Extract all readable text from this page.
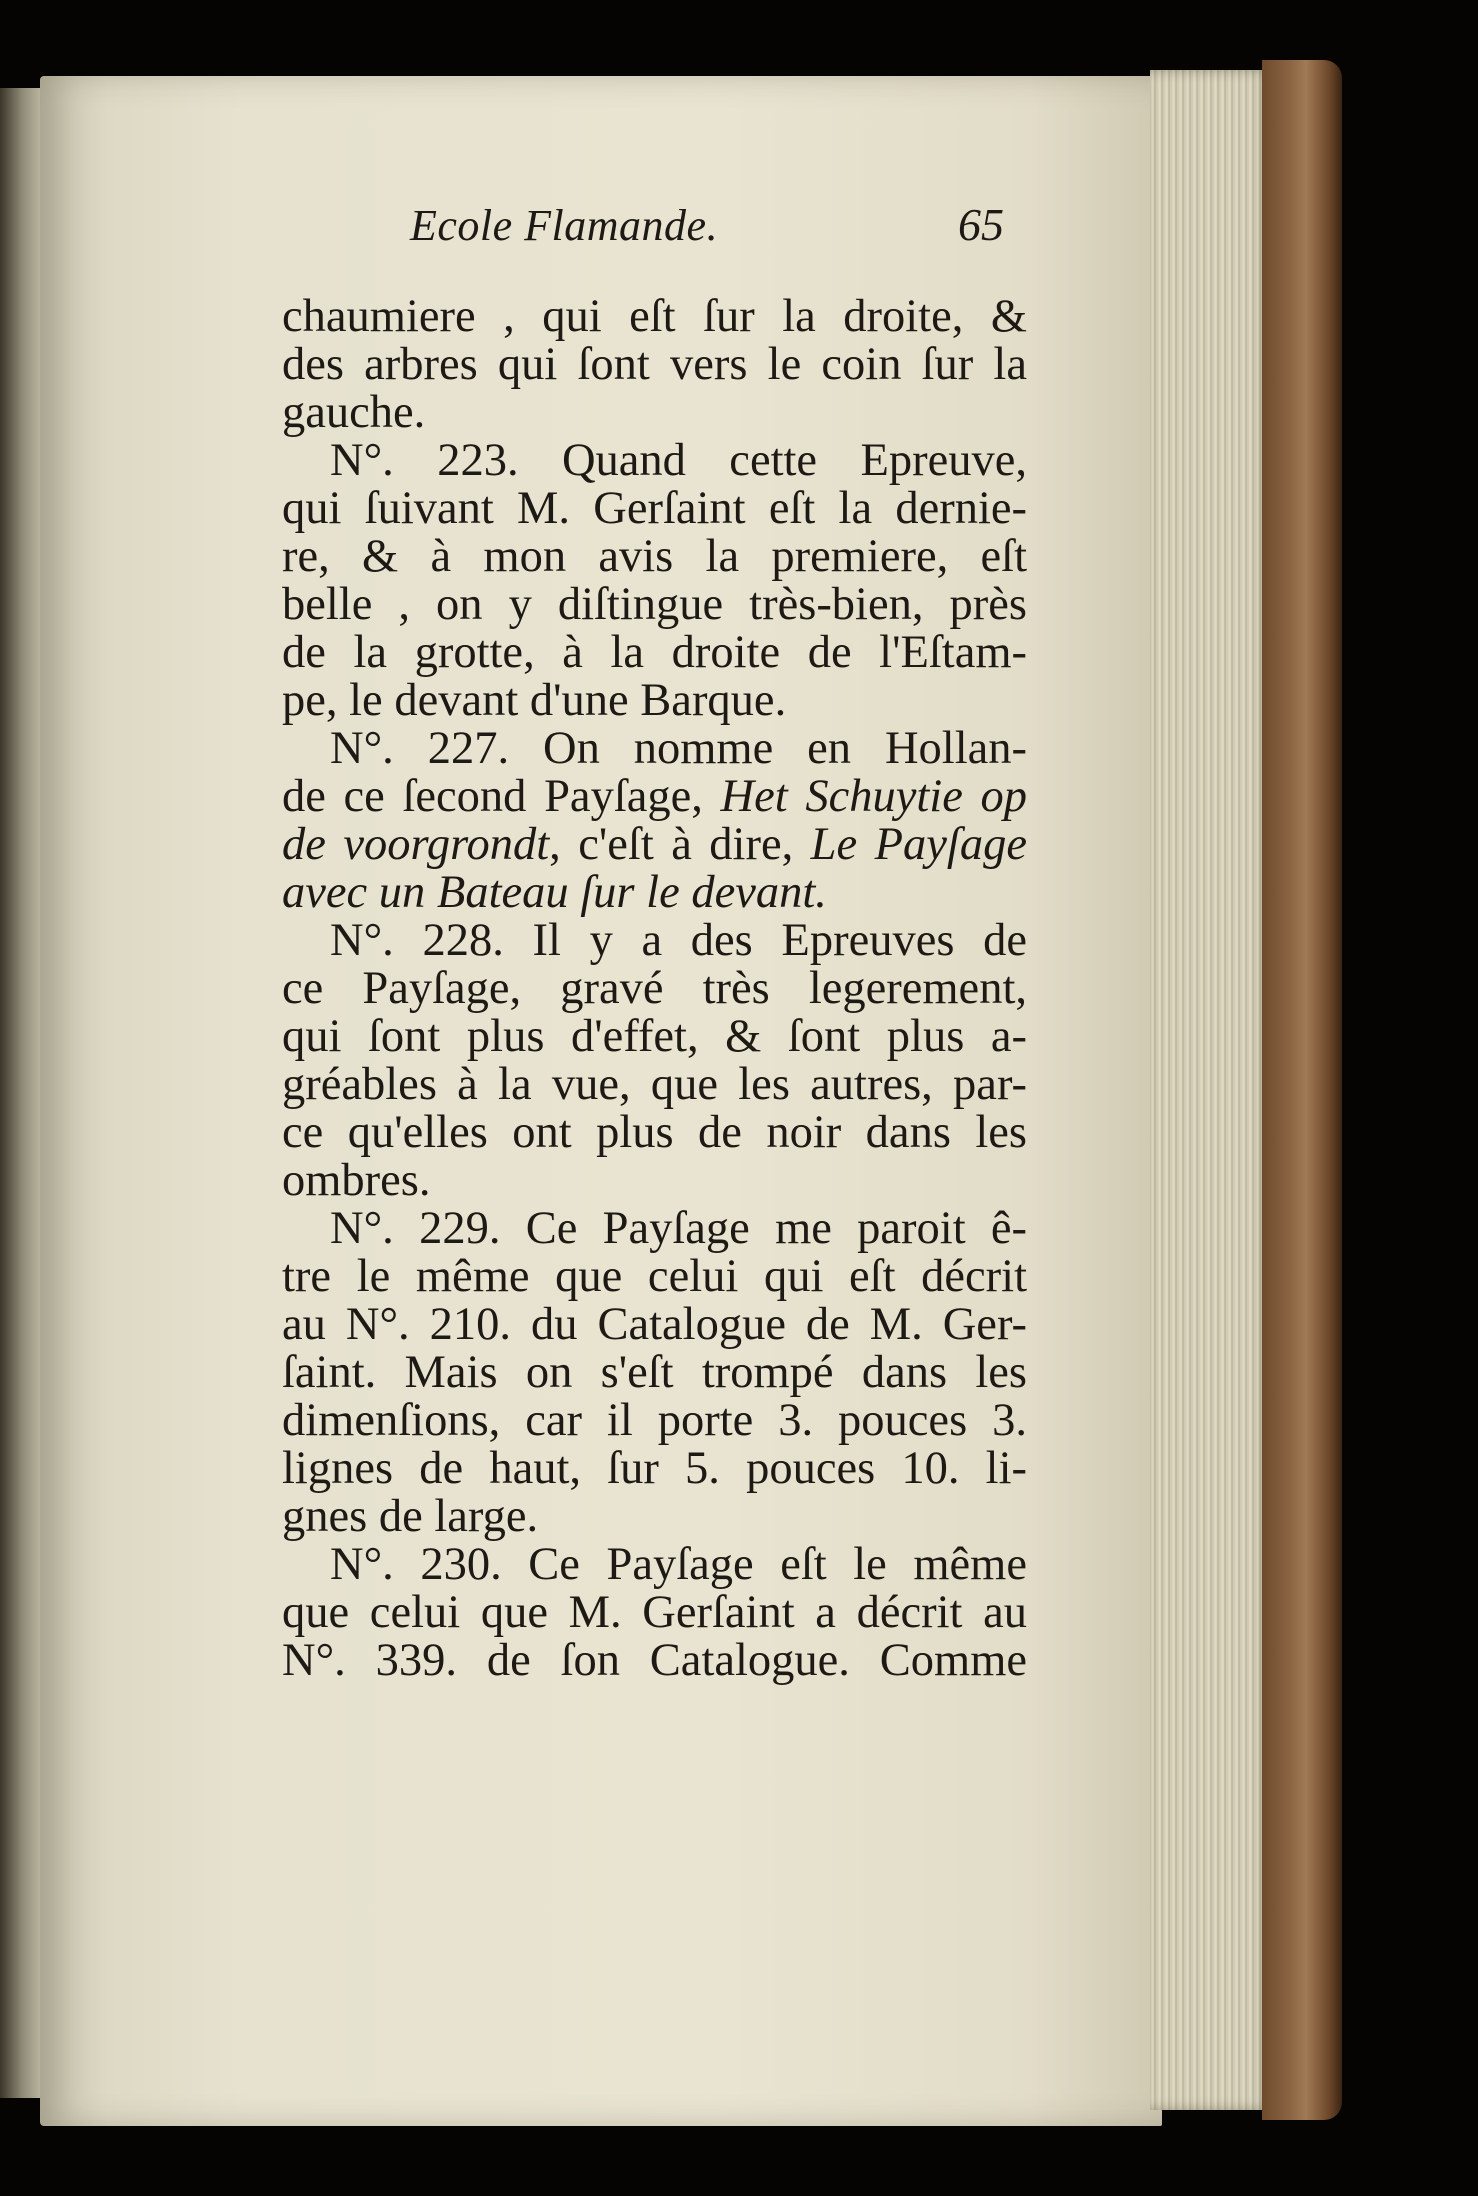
Ecole Flamande.	65
chaumiere , qui eſt ſur la droite, &
des arbres qui ſont vers le coin ſur la
gauche.
N°. 223. Quand cette Epreuve,
qui ſuivant M. Gerſaint eſt la dernie-
re, & à mon avis la premiere, eſt
belle , on y diſtingue très-bien, près
de la grotte, à la droite de l'Eſtam-
pe, le devant d'une Barque.
N°. 227. On nomme en Hollan-
de ce ſecond Payſage, Het Schuytie op
de voorgrondt, c'eſt à dire, Le Payſage
avec un Bateau ſur le devant.
N°. 228. Il y a des Epreuves de
ce Payſage, gravé très legerement,
qui ſont plus d'effet, & ſont plus a-
gréables à la vue, que les autres, par-
ce qu'elles ont plus de noir dans les
ombres.
N°. 229. Ce Payſage me paroit ê-
tre le même que celui qui eſt décrit
au N°. 210. du Catalogue de M. Ger-
ſaint. Mais on s'eſt trompé dans les
dimenſions, car il porte 3. pouces 3.
lignes de haut, ſur 5. pouces 10. li-
gnes de large.
N°. 230. Ce Payſage eſt le même
que celui que M. Gerſaint a décrit au
N°. 339. de ſon Catalogue. Comme
